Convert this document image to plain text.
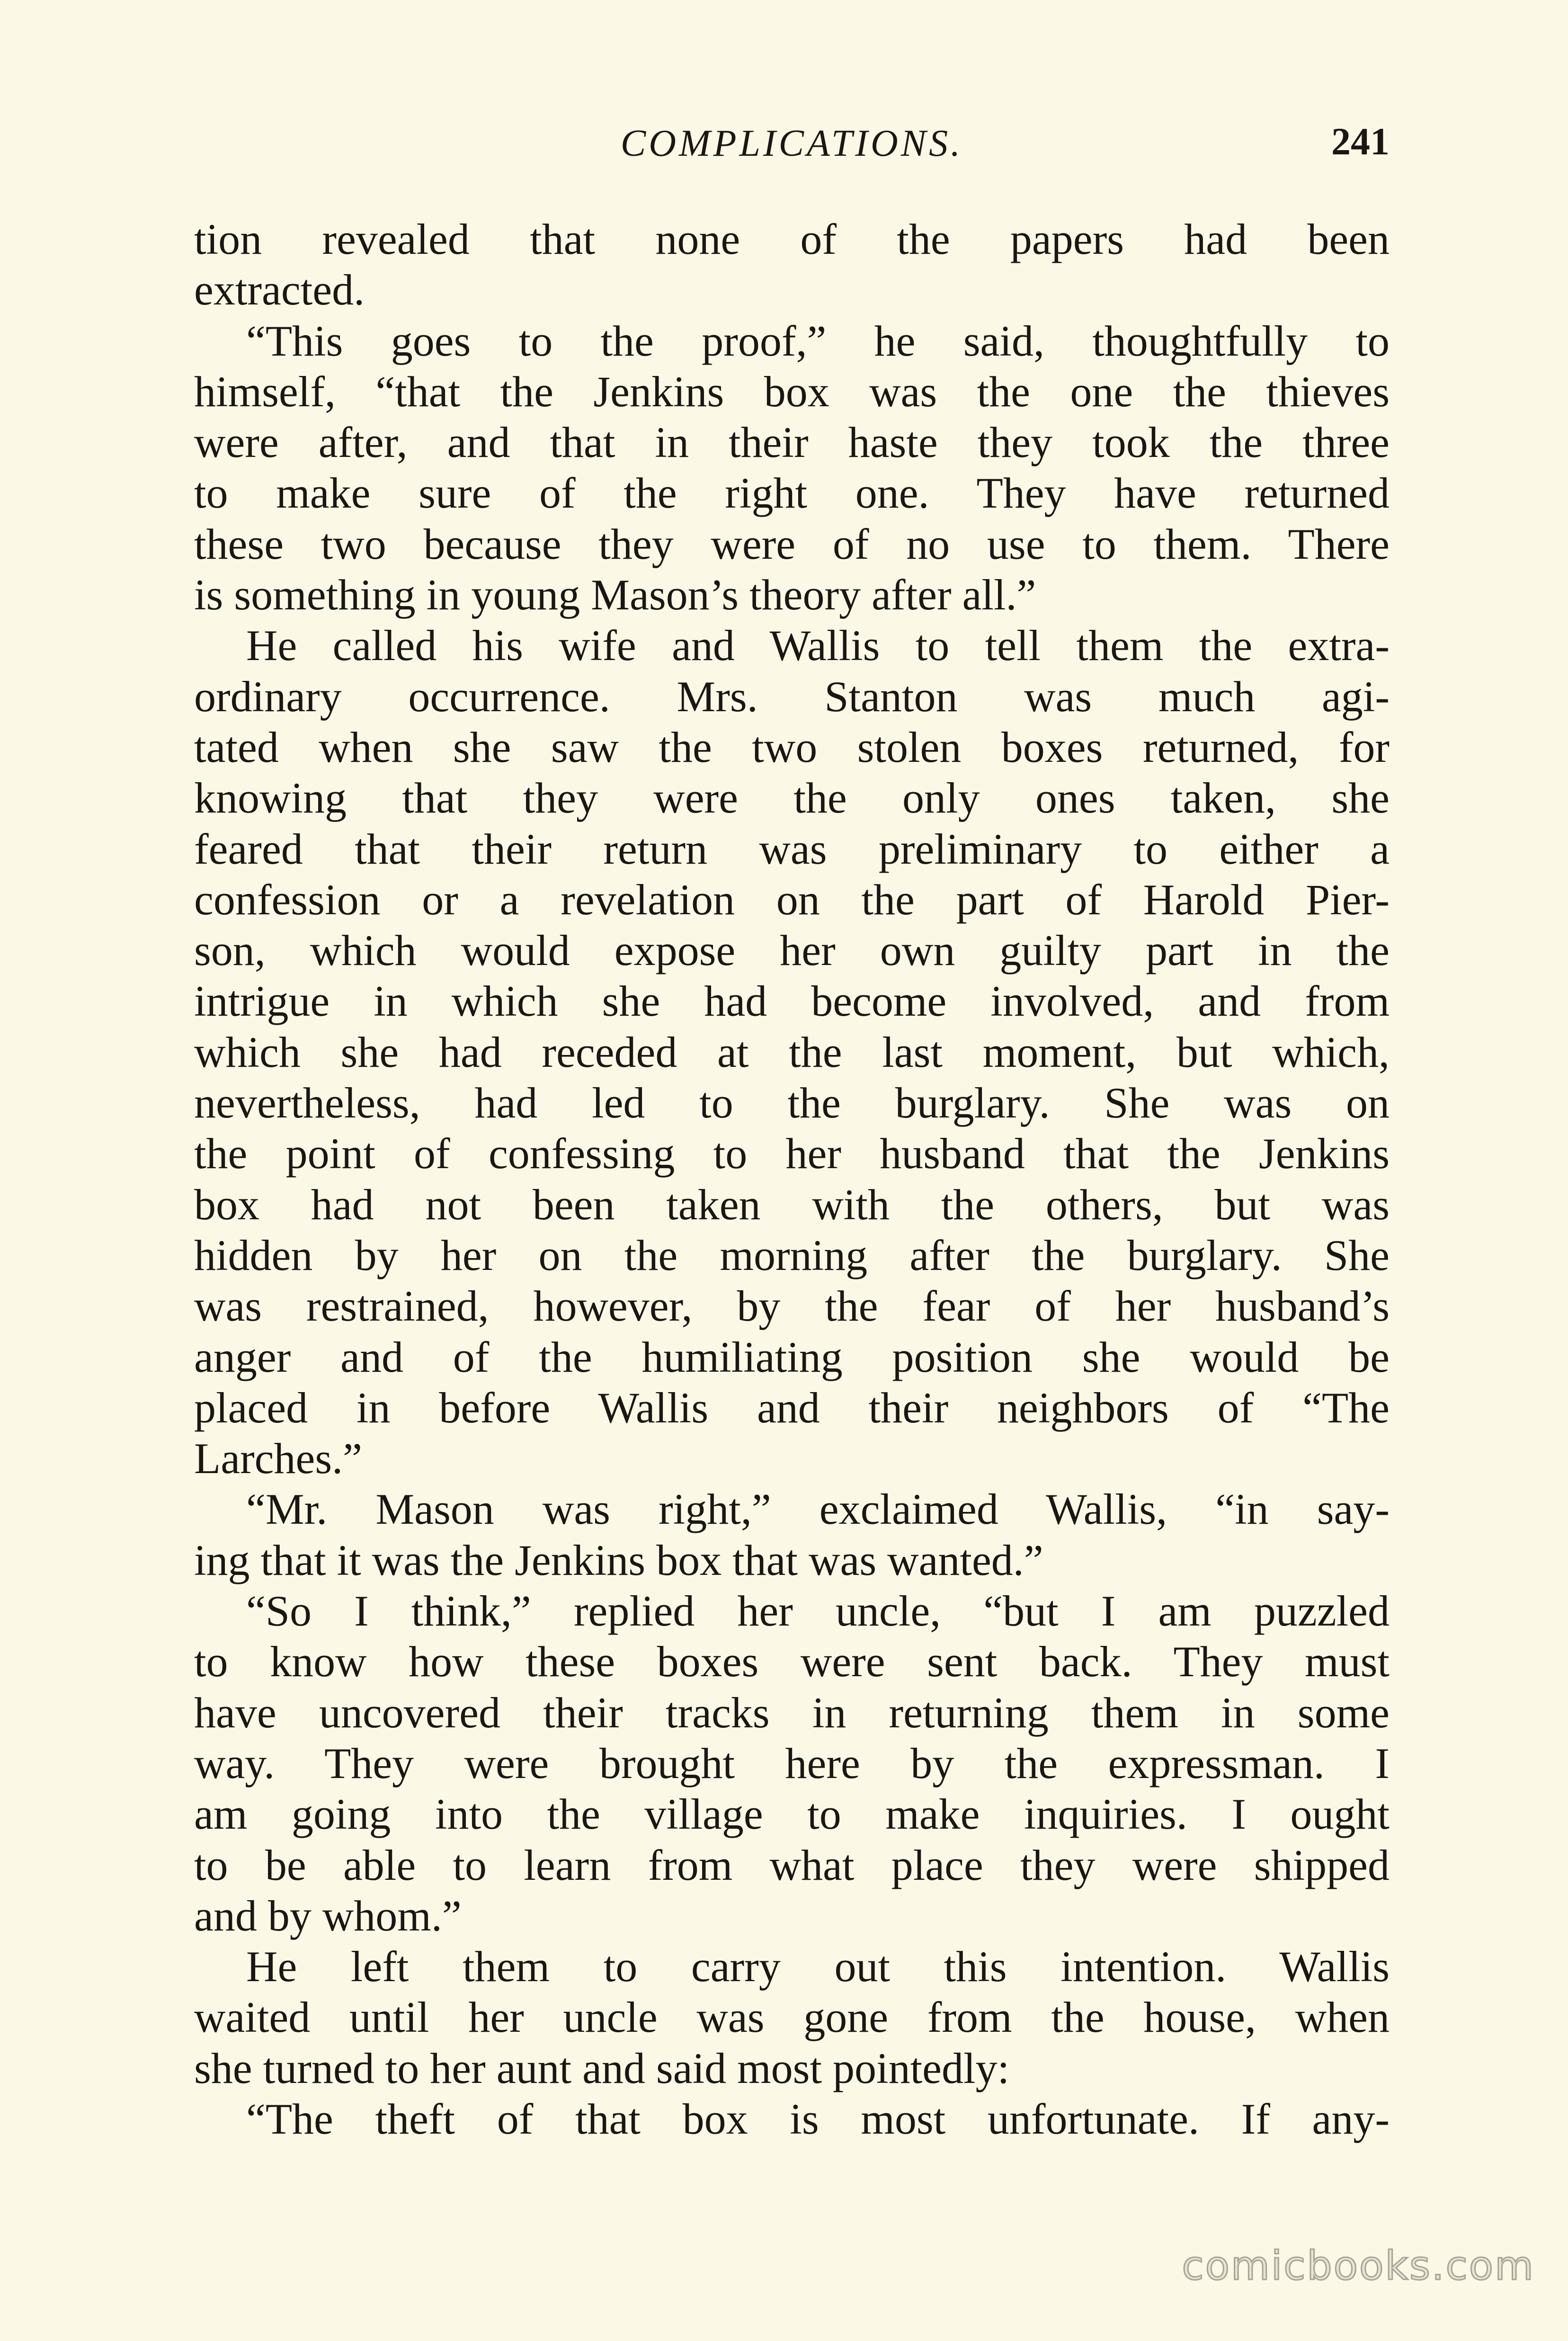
COMPLICATIONS.	241
tion revealed that none of the papers had been
extracted.
“This goes to the proof,” he said, thoughtfully to
himself, “that the Jenkins box was the one the thieves
were after, and that in their haste they took the three
to make sure of the right one. They have returned
these two because they were of no use to them. There
is something in young Mason’s theory after all.”
He called his wife and Wallis to tell them the extra-
ordinary occurrence. Mrs. Stanton was much agi-
tated when she saw the two stolen boxes returned, for
knowing that they were the only ones taken, she
feared that their return was preliminary to either a
confession or a revelation on the part of Harold Pier-
son, which would expose her own guilty part in the
intrigue in which she had become involved, and from
which she had receded at the last moment, but which,
nevertheless, had led to the burglary. She was on
the point of confessing to her husband that the Jenkins
box had not been taken with the others, but was
hidden by her on the morning after the burglary. She
was restrained, however, by the fear of her husband’s
anger and of the humiliating position she would be
placed in before Wallis and their neighbors of “The
Larches.”
“Mr. Mason was right,” exclaimed Wallis, “in say-
ing that it was the Jenkins box that was wanted.”
“So I think,” replied her uncle, “but I am puzzled
to know how these boxes were sent back. They must
have uncovered their tracks in returning them in some
way. They were brought here by the expressman. I
am going into the village to make inquiries. I ought
to be able to learn from what place they were shipped
and by whom.”
He left them to carry out this intention. Wallis
waited until her uncle was gone from the house, when
she turned to her aunt and said most pointedly:
“The theft of that box is most unfortunate. If any-
comicbooks.com
